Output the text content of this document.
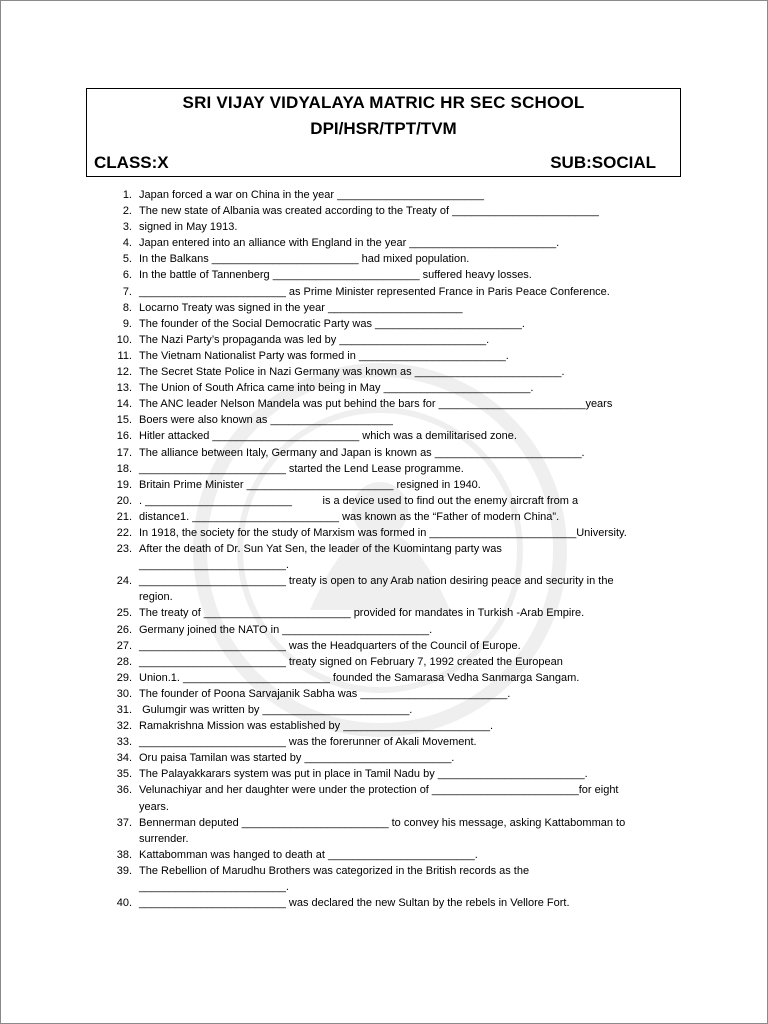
SRI VIJAY VIDYALAYA MATRIC HR SEC SCHOOL
DPI/HSR/TPT/TVM
CLASS:X	SUB:SOCIAL
1. Japan forced a war on China in the year ________________________
2. The new state of Albania was created according to the Treaty of ________________________
3. signed in May 1913.
4. Japan entered into an alliance with England in the year ________________________.
5. In the Balkans ________________________ had mixed population.
6. In the battle of Tannenberg ________________________ suffered heavy losses.
7. ________________________ as Prime Minister represented France in Paris Peace Conference.
8. Locarno Treaty was signed in the year ______________________
9. The founder of the Social Democratic Party was ________________________.
10. The Nazi Party’s propaganda was led by ________________________.
11. The Vietnam Nationalist Party was formed in ________________________.
12. The Secret State Police in Nazi Germany was known as ________________________.
13. The Union of South Africa came into being in May ________________________.
14. The ANC leader Nelson Mandela was put behind the bars for ________________________years
15. Boers were also known as ____________________
16. Hitler attacked ________________________ which was a demilitarised zone.
17. The alliance between Italy, Germany and Japan is known as ________________________.
18. ________________________ started the Lend Lease programme.
19. Britain Prime Minister ________________________ resigned in 1940.
20. . ________________________          is a device used to find out the enemy aircraft from a
21. distance1. ________________________ was known as the “Father of modern China”.
22. In 1918, the society for the study of Marxism was formed in ________________________University.
23. After the death of Dr. Sun Yat Sen, the leader of the Kuomintang party was
________________________.
24. ________________________ treaty is open to any Arab nation desiring peace and security in the
region.
25. The treaty of ________________________ provided for mandates in Turkish -Arab Empire.
26. Germany joined the NATO in ________________________.
27. ________________________ was the Headquarters of the Council of Europe.
28. ________________________ treaty signed on February 7, 1992 created the European
29. Union.1. ________________________ founded the Samarasa Vedha Sanmarga Sangam.
30. The founder of Poona Sarvajanik Sabha was ________________________.
31. Gulumgir was written by ________________________.
32. Ramakrishna Mission was established by ________________________.
33. ________________________ was the forerunner of Akali Movement.
34. Oru paisa Tamilan was started by ________________________.
35. The Palayakkarars system was put in place in Tamil Nadu by ________________________.
36. Velunachiyar and her daughter were under the protection of ________________________for eight
years.
37. Bennerman deputed ________________________ to convey his message, asking Kattabomman to
surrender.
38. Kattabomman was hanged to death at ________________________.
39. The Rebellion of Marudhu Brothers was categorized in the British records as the
________________________.
40. ________________________ was declared the new Sultan by the rebels in Vellore Fort.
